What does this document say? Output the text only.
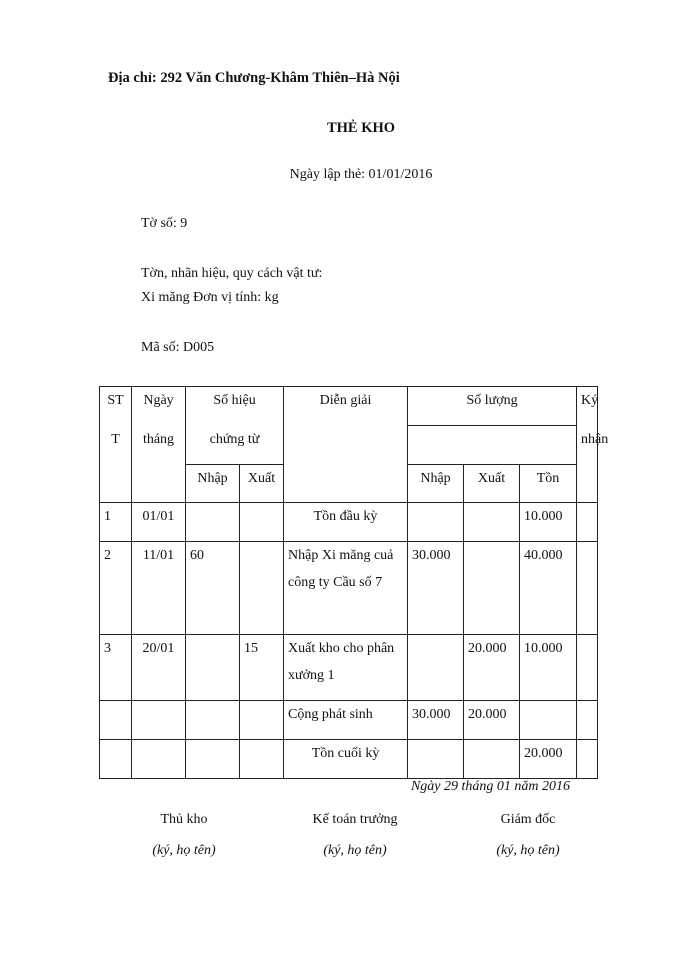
Địa chỉ: 292 Văn Chương-Khâm Thiên–Hà Nội
THẺ KHO
Ngày lập thẻ: 01/01/2016
Tờ số: 9
Tờn, nhãn hiệu, quy cách vật tư:
Xi măng Đơn vị tính: kg
Mã số: D005
ST	Ngày	Số hiệu		Diễn giải	Số lượng			Ký
T	tháng	chứng từ						nhận
		Nhập	Xuất		Nhập	Xuất	Tồn	
1	01/01			Tồn đầu kỳ			10.000	
2	11/01	60		Nhập Xi măng cuả công ty Cầu số 7	30.000		40.000	
3	20/01		15	Xuất kho cho phân xưởng 1		20.000	10.000	
				Cộng phát sinh	30.000	20.000		
				Tồn cuối kỳ			20.000	
Ngày 29 tháng 01 năm 2016
Thủ kho	Kế toán trưởng	Giám đốc
(ký, họ tên)	(ký, họ tên)	(ký, họ tên)
